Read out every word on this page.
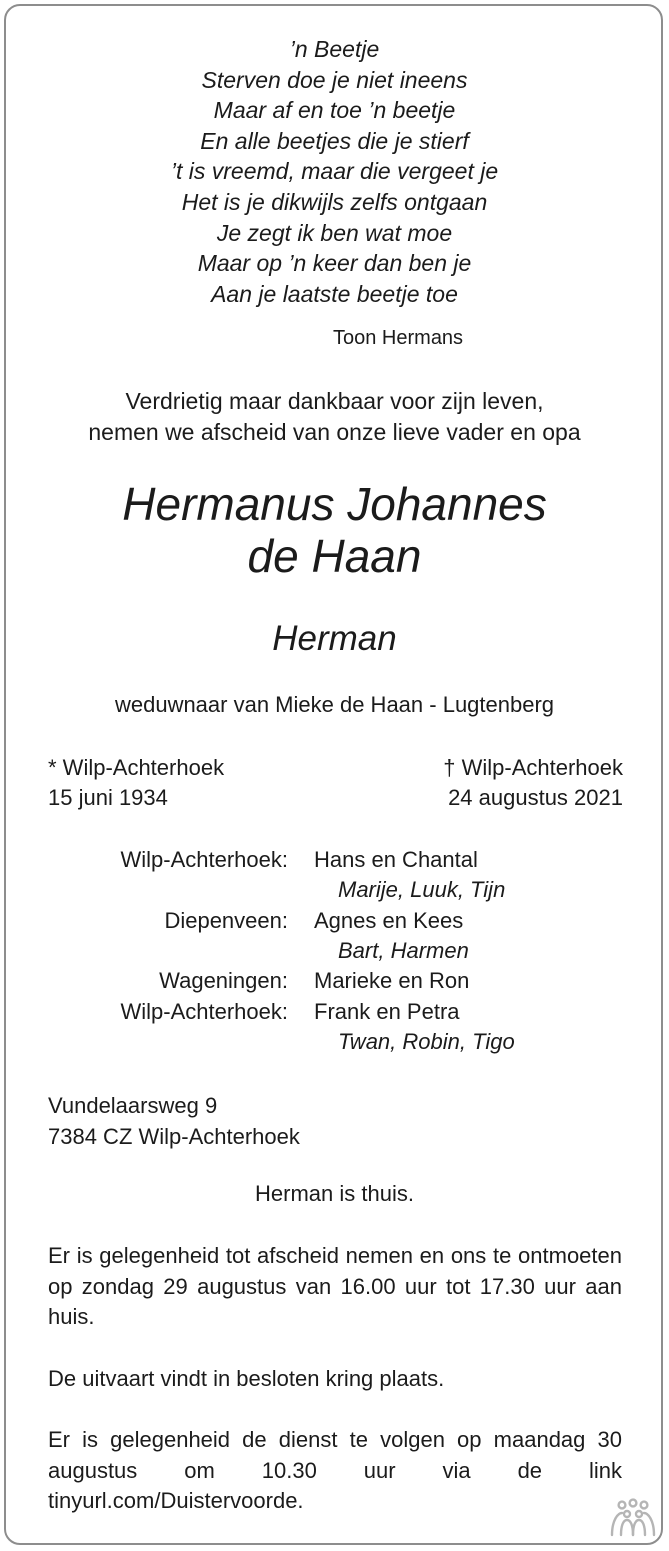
’n Beetje
Sterven doe je niet ineens
Maar af en toe ’n beetje
En alle beetjes die je stierf
’t is vreemd, maar die vergeet je
Het is je dikwijls zelfs ontgaan
Je zegt ik ben wat moe
Maar op ’n keer dan ben je
Aan je laatste beetje toe
Toon Hermans
Verdrietig maar dankbaar voor zijn leven,
nemen we afscheid van onze lieve vader en opa
Hermanus Johannes
de Haan
Herman
weduwnaar van Mieke de Haan - Lugtenberg
* Wilp-Achterhoek
15 juni 1934
† Wilp-Achterhoek
24 augustus 2021
Wilp-Achterhoek: Hans en Chantal
Marije, Luuk, Tijn
Diepenveen: Agnes en Kees
Bart, Harmen
Wageningen: Marieke en Ron
Wilp-Achterhoek: Frank en Petra
Twan, Robin, Tigo
Vundelaarsweg 9
7384 CZ Wilp-Achterhoek
Herman is thuis.
Er is gelegenheid tot afscheid nemen en ons te ontmoeten op zondag 29 augustus van 16.00 uur tot 17.30 uur aan huis.
De uitvaart vindt in besloten kring plaats.
Er is gelegenheid de dienst te volgen op maandag 30 augustus om 10.30 uur via de link tinyurl.com/Duistervoorde.
